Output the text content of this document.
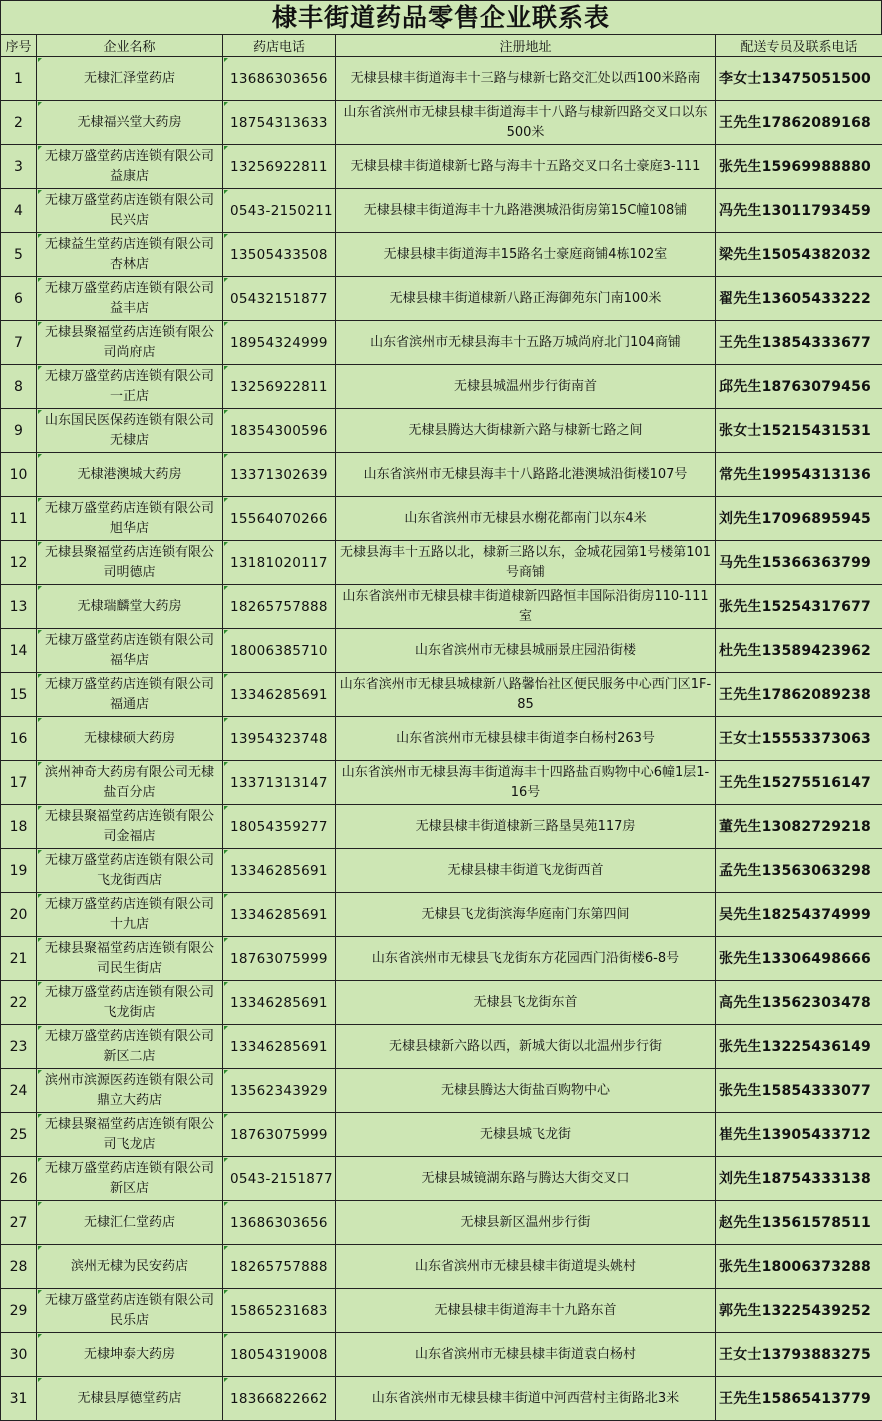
棣丰街道药品零售企业联系表
序号	企业名称	药店电话	注册地址	配送专员及联系电话
1	无棣汇泽堂药店	13686303656	无棣县棣丰街道海丰十三路与棣新七路交汇处以西100米路南	李女士13475051500
2	无棣福兴堂大药房	18754313633	山东省滨州市无棣县棣丰街道海丰十八路与棣新四路交叉口以东500米	王先生17862089168
3	无棣万盛堂药店连锁有限公司益康店	13256922811	无棣县棣丰街道棣新七路与海丰十五路交叉口名士豪庭3-111	张先生15969988880
4	无棣万盛堂药店连锁有限公司民兴店	0543-2150211	无棣县棣丰街道海丰十九路港澳城沿街房第15C幢108铺	冯先生13011793459
5	无棣益生堂药店连锁有限公司杏林店	13505433508	无棣县棣丰街道海丰15路名士豪庭商铺4栋102室	梁先生15054382032
6	无棣万盛堂药店连锁有限公司益丰店	05432151877	无棣县棣丰街道棣新八路正海御苑东门南100米	翟先生13605433222
7	无棣县聚福堂药店连锁有限公司尚府店	18954324999	山东省滨州市无棣县海丰十五路万城尚府北门104商铺	王先生13854333677
8	无棣万盛堂药店连锁有限公司一正店	13256922811	无棣县城温州步行街南首	邱先生18763079456
9	山东国民医保药连锁有限公司无棣店	18354300596	无棣县腾达大街棣新六路与棣新七路之间	张女士15215431531
10	无棣港澳城大药房	13371302639	山东省滨州市无棣县海丰十八路路北港澳城沿街楼107号	常先生19954313136
11	无棣万盛堂药店连锁有限公司旭华店	15564070266	山东省滨州市无棣县水榭花都南门以东4米	刘先生17096895945
12	无棣县聚福堂药店连锁有限公司明德店	13181020117	无棣县海丰十五路以北，棣新三路以东，金城花园第1号楼第101号商铺	马先生15366363799
13	无棣瑞麟堂大药房	18265757888	山东省滨州市无棣县棣丰街道棣新四路恒丰国际沿街房110-111室	张先生15254317677
14	无棣万盛堂药店连锁有限公司福华店	18006385710	山东省滨州市无棣县城丽景庄园沿街楼	杜先生13589423962
15	无棣万盛堂药店连锁有限公司福通店	13346285691	山东省滨州市无棣县城棣新八路馨怡社区便民服务中心西门区1F-85	王先生17862089238
16	无棣棣硕大药房	13954323748	山东省滨州市无棣县棣丰街道李白杨村263号	王女士15553373063
17	滨州神奇大药房有限公司无棣盐百分店	13371313147	山东省滨州市无棣县海丰街道海丰十四路盐百购物中心6幢1层1-16号	王先生15275516147
18	无棣县聚福堂药店连锁有限公司金福店	18054359277	无棣县棣丰街道棣新三路垦昊苑117房	董先生13082729218
19	无棣万盛堂药店连锁有限公司飞龙街西店	13346285691	无棣县棣丰街道飞龙街西首	孟先生13563063298
20	无棣万盛堂药店连锁有限公司十九店	13346285691	无棣县飞龙街滨海华庭南门东第四间	吴先生18254374999
21	无棣县聚福堂药店连锁有限公司民生街店	18763075999	山东省滨州市无棣县飞龙街东方花园西门沿街楼6-8号	张先生13306498666
22	无棣万盛堂药店连锁有限公司飞龙街店	13346285691	无棣县飞龙街东首	高先生13562303478
23	无棣万盛堂药店连锁有限公司新区二店	13346285691	无棣县棣新六路以西，新城大街以北温州步行街	张先生13225436149
24	滨州市滨源医药连锁有限公司鼎立大药店	13562343929	无棣县腾达大街盐百购物中心	张先生15854333077
25	无棣县聚福堂药店连锁有限公司飞龙店	18763075999	无棣县城飞龙街	崔先生13905433712
26	无棣万盛堂药店连锁有限公司新区店	0543-2151877	无棣县城镜湖东路与腾达大街交叉口	刘先生18754333138
27	无棣汇仁堂药店	13686303656	无棣县新区温州步行街	赵先生13561578511
28	滨州无棣为民安药店	18265757888	山东省滨州市无棣县棣丰街道堤头姚村	张先生18006373288
29	无棣万盛堂药店连锁有限公司民乐店	15865231683	无棣县棣丰街道海丰十九路东首	郭先生13225439252
30	无棣坤泰大药房	18054319008	山东省滨州市无棣县棣丰街道袁白杨村	王女士13793883275
31	无棣县厚德堂药店	18366822662	山东省滨州市无棣县棣丰街道中河西营村主街路北3米	王先生15865413779
